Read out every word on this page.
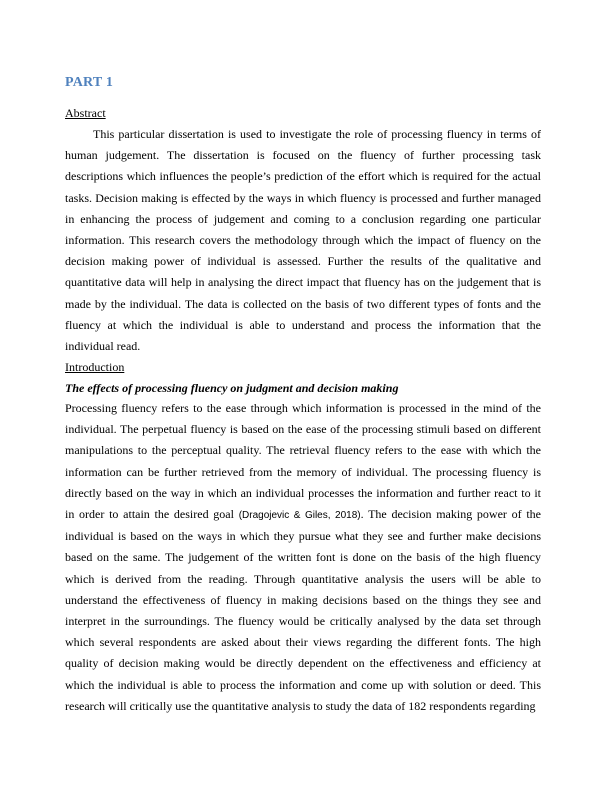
PART 1
Abstract

This particular dissertation is used to investigate the role of processing fluency in terms of human judgement. The dissertation is focused on the fluency of further processing task descriptions which influences the people’s prediction of the effort which is required for the actual tasks. Decision making is effected by the ways in which fluency is processed and further managed in enhancing the process of judgement and coming to a conclusion regarding one particular information. This research covers the methodology through which the impact of fluency on the decision making power of individual is assessed. Further the results of the qualitative and quantitative data will help in analysing the direct impact that fluency has on the judgement that is made by the individual. The data is collected on the basis of two different types of fonts and the fluency at which the individual is able to understand and process the information that the individual read.

Introduction
The effects of processing fluency on judgment and decision making

Processing fluency refers to the ease through which information is processed in the mind of the individual. The perpetual fluency is based on the ease of the processing stimuli based on different manipulations to the perceptual quality. The retrieval fluency refers to the ease with which the information can be further retrieved from the memory of individual. The processing fluency is directly based on the way in which an individual processes the information and further react to it in order to attain the desired goal (Dragojevic & Giles, 2018). The decision making power of the individual is based on the ways in which they pursue what they see and further make decisions based on the same. The judgement of the written font is done on the basis of the high fluency which is derived from the reading. Through quantitative analysis the users will be able to understand the effectiveness of fluency in making decisions based on the things they see and interpret in the surroundings. The fluency would be critically analysed by the data set through which several respondents are asked about their views regarding the different fonts. The high quality of decision making would be directly dependent on the effectiveness and efficiency at which the individual is able to process the information and come up with solution or deed. This research will critically use the quantitative analysis to study the data of 182 respondents regarding
